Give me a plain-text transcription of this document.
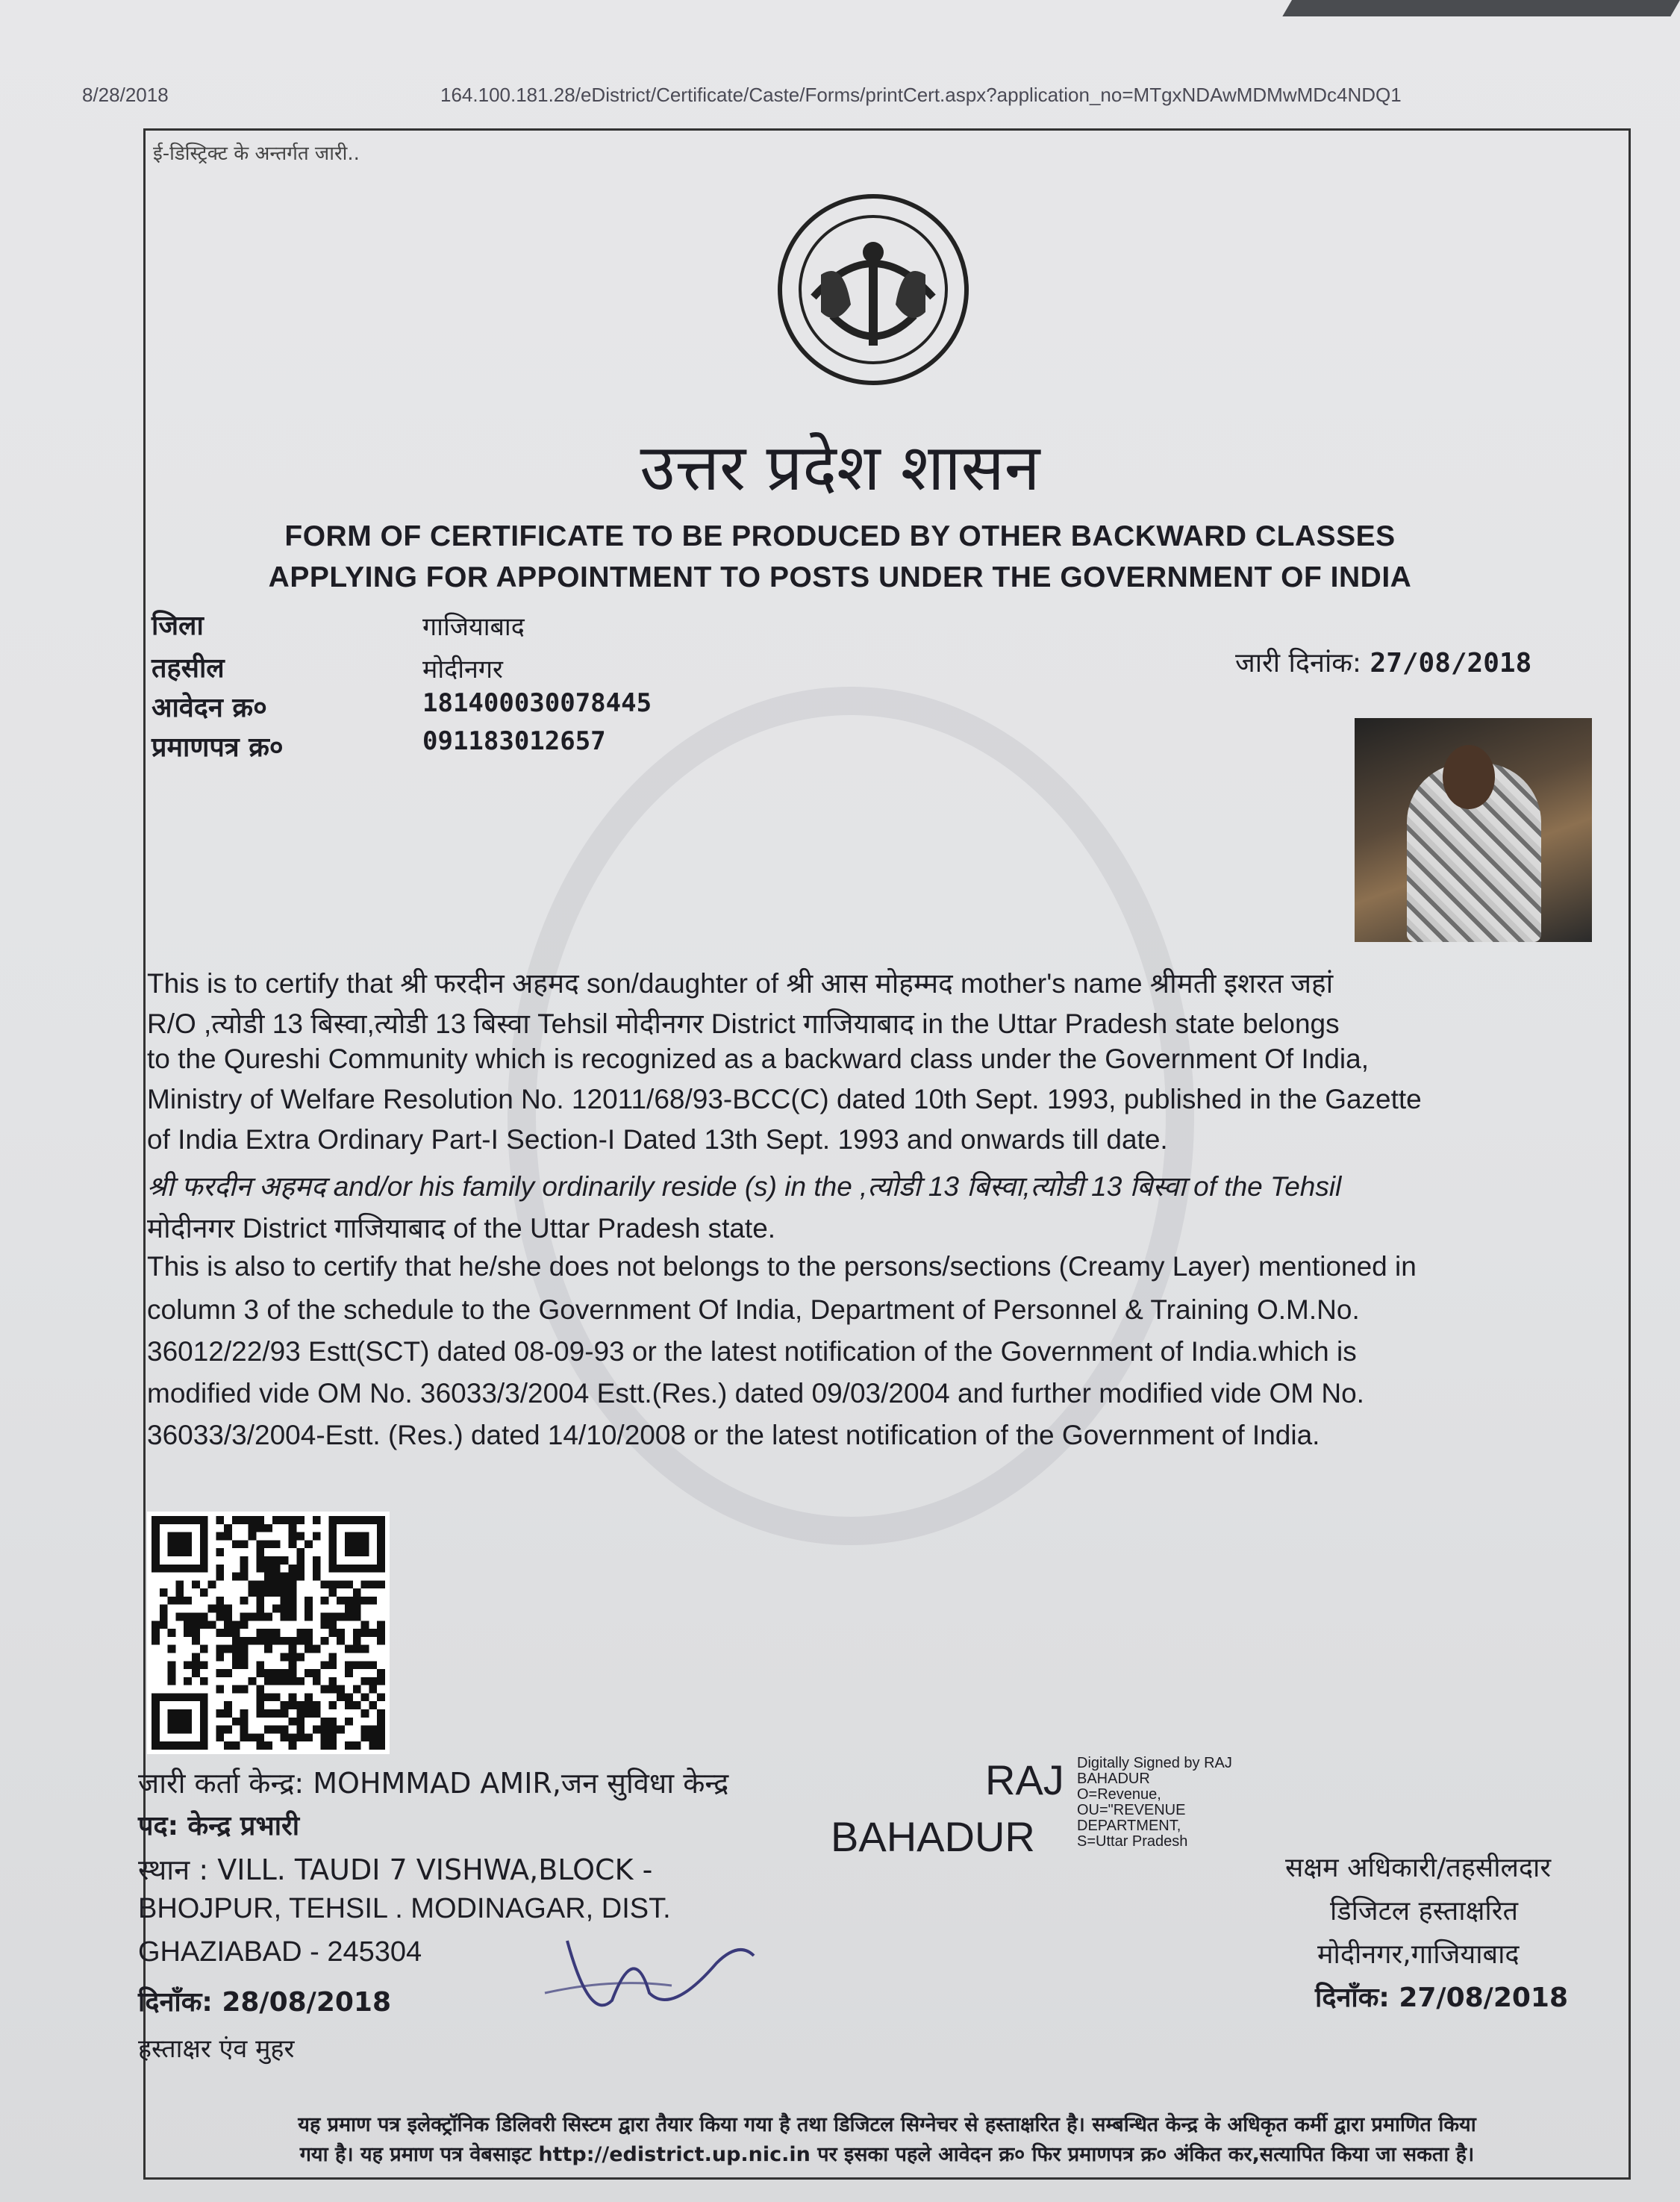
8/28/2018	164.100.181.28/eDistrict/Certificate/Caste/Forms/printCert.aspx?application_no=MTgxNDAwMDMwMDc4NDQ1
ई-डिस्ट्रिक्ट के अन्तर्गत जारी..
उत्तर प्रदेश शासन
FORM OF CERTIFICATE TO BE PRODUCED BY OTHER BACKWARD CLASSES
APPLYING FOR APPOINTMENT TO POSTS UNDER THE GOVERNMENT OF INDIA
जिला	गाजियाबाद
तहसील	मोदीनगर
आवेदन क्र०	181400030078445
प्रमाणपत्र क्र०	091183012657
जारी दिनांक: 27/08/2018
This is to certify that श्री फरदीन अहमद son/daughter of श्री आस मोहम्मद mother's name श्रीमती इशरत जहां
R/O ,त्योडी 13 बिस्वा,त्योडी 13 बिस्वा Tehsil मोदीनगर District गाजियाबाद in the Uttar Pradesh state belongs
to the Qureshi Community which is recognized as a backward class under the Government Of India,
Ministry of Welfare Resolution No. 12011/68/93-BCC(C) dated 10th Sept. 1993, published in the Gazette
of India Extra Ordinary Part-I Section-I Dated 13th Sept. 1993 and onwards till date.
श्री फरदीन अहमद and/or his family ordinarily reside (s) in the ,त्योडी 13 बिस्वा,त्योडी 13 बिस्वा of the Tehsil
मोदीनगर District गाजियाबाद of the Uttar Pradesh state.
This is also to certify that he/she does not belongs to the persons/sections (Creamy Layer) mentioned in
column 3 of the schedule to the Government Of India, Department of Personnel & Training O.M.No.
36012/22/93 Estt(SCT) dated 08-09-93 or the latest notification of the Government of India.which is
modified vide OM No. 36033/3/2004 Estt.(Res.) dated 09/03/2004 and further modified vide OM No.
36033/3/2004-Estt. (Res.) dated 14/10/2008 or the latest notification of the Government of India.
जारी कर्ता केन्द्र: MOHMMAD AMIR,जन सुविधा केन्द्र
पद: केन्द्र प्रभारी
स्थान : VILL. TAUDI 7 VISHWA,BLOCK -
BHOJPUR, TEHSIL . MODINAGAR, DIST.
GHAZIABAD - 245304
दिनाँक: 28/08/2018
हस्ताक्षर एंव मुहर
RAJ
BAHADUR
Digitally Signed by RAJ
BAHADUR
O=Revenue,
OU="REVENUE
DEPARTMENT,
S=Uttar Pradesh
सक्षम अधिकारी/तहसीलदार
डिजिटल हस्ताक्षरित
मोदीनगर,गाजियाबाद
दिनाँक: 27/08/2018
यह प्रमाण पत्र इलेक्ट्रॉनिक डिलिवरी सिस्टम द्वारा तैयार किया गया है तथा डिजिटल सिग्नेचर से हस्ताक्षरित है। सम्बन्धित केन्द्र के अधिकृत कर्मी द्वारा प्रमाणित किया
गया है। यह प्रमाण पत्र वेबसाइट http://edistrict.up.nic.in पर इसका पहले आवेदन क्र० फिर प्रमाणपत्र क्र० अंकित कर,सत्यापित किया जा सकता है।
